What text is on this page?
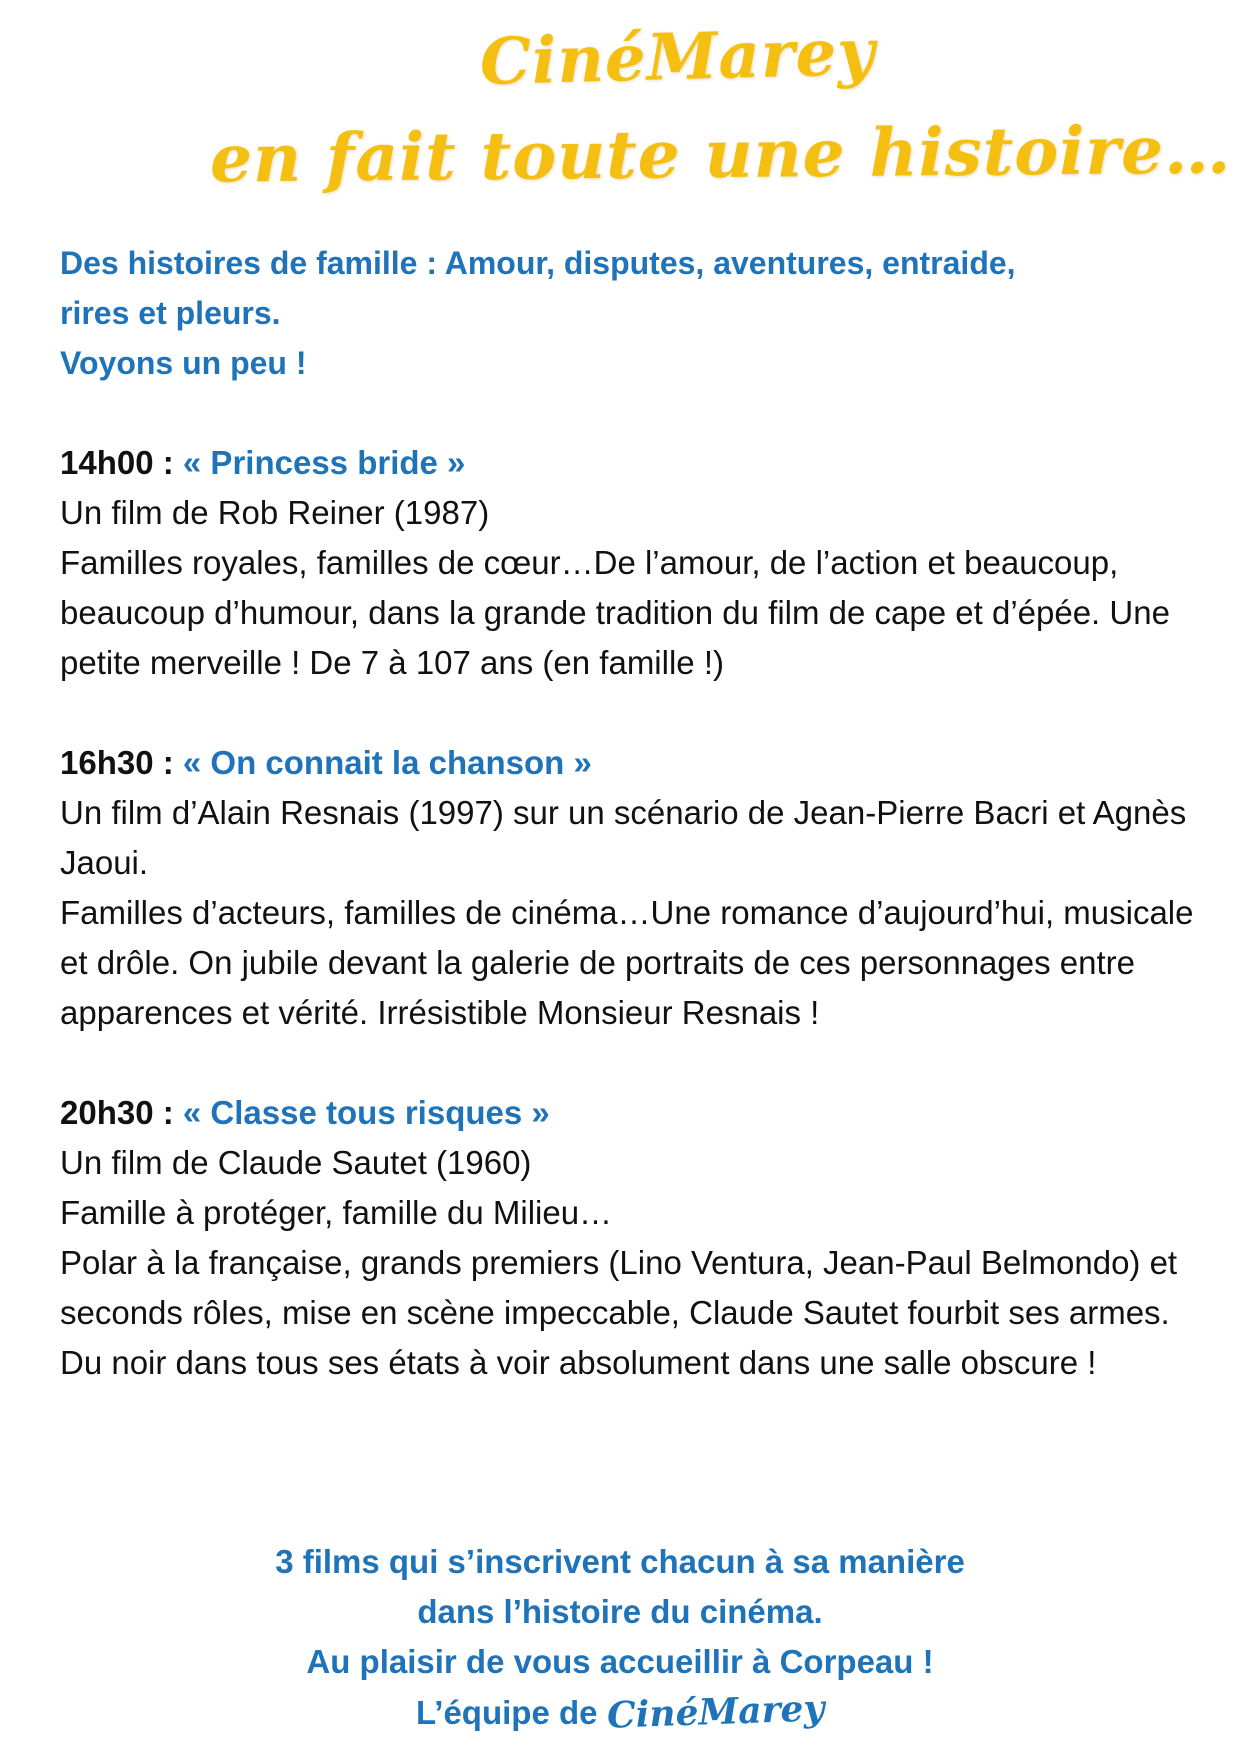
CinéMarey
en fait toute une histoire…

Des histoires de famille : Amour, disputes, aventures, entraide,

rires et pleurs.

Voyons un peu !

14h00 : « Princess bride »

Un film de Rob Reiner (1987)

Familles royales, familles de cœur…De l’amour, de l’action et beaucoup, beaucoup d’humour, dans la grande tradition du film de cape et d’épée. Une petite merveille ! De 7 à 107 ans (en famille !)

16h30 : « On connait la chanson »

Un film d’Alain Resnais (1997) sur un scénario de Jean-Pierre Bacri et Agnès Jaoui.

Familles d’acteurs, familles de cinéma…Une romance d’aujourd’hui, musicale et drôle. On jubile devant la galerie de portraits de ces personnages entre apparences et vérité. Irrésistible Monsieur Resnais !

20h30 : « Classe tous risques »

Un film de Claude Sautet (1960)

Famille à protéger, famille du Milieu…

Polar à la française, grands premiers (Lino Ventura, Jean-Paul Belmondo) et seconds rôles, mise en scène impeccable, Claude Sautet fourbit ses armes. Du noir dans tous ses états à voir absolument dans une salle obscure !

3 films qui s’inscrivent chacun à sa manière

dans l’histoire du cinéma.

Au plaisir de vous accueillir à Corpeau !

L’équipe de CinéMarey
